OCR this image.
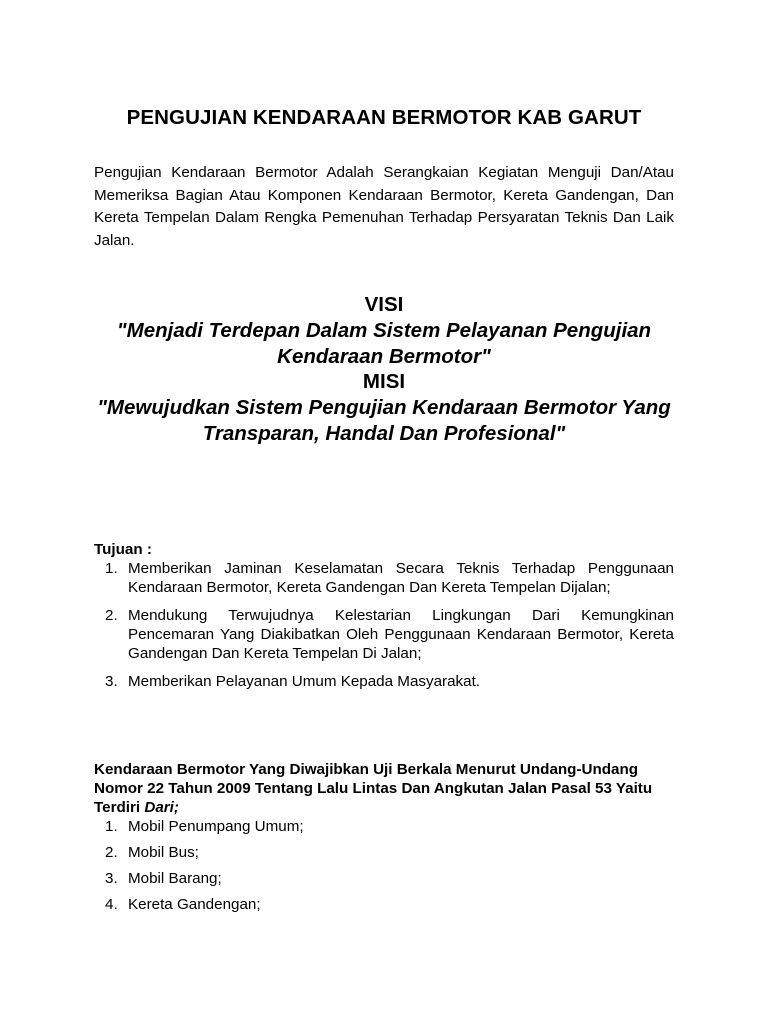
PENGUJIAN KENDARAAN BERMOTOR KAB GARUT

Pengujian Kendaraan Bermotor Adalah Serangkaian Kegiatan Menguji Dan/Atau Memeriksa Bagian Atau Komponen Kendaraan Bermotor, Kereta Gandengan, Dan Kereta Tempelan Dalam Rengka Pemenuhan Terhadap Persyaratan Teknis Dan Laik Jalan.

VISI

"Menjadi Terdepan Dalam Sistem Pelayanan Pengujian Kendaraan Bermotor"

MISI

"Mewujudkan Sistem Pengujian Kendaraan Bermotor Yang Transparan, Handal Dan Profesional"

Tujuan :

1. Memberikan Jaminan Keselamatan Secara Teknis Terhadap Penggunaan Kendaraan Bermotor, Kereta Gandengan Dan Kereta Tempelan Dijalan;
2. Mendukung Terwujudnya Kelestarian Lingkungan Dari Kemungkinan Pencemaran Yang Diakibatkan Oleh Penggunaan Kendaraan Bermotor, Kereta Gandengan Dan Kereta Tempelan Di Jalan;
3. Memberikan Pelayanan Umum Kepada Masyarakat.

Kendaraan Bermotor Yang Diwajibkan Uji Berkala Menurut Undang-Undang Nomor 22 Tahun 2009 Tentang Lalu Lintas Dan Angkutan Jalan Pasal 53 Yaitu Terdiri Dari;

1. Mobil Penumpang Umum;
2. Mobil Bus;
3. Mobil Barang;
4. Kereta Gandengan;
